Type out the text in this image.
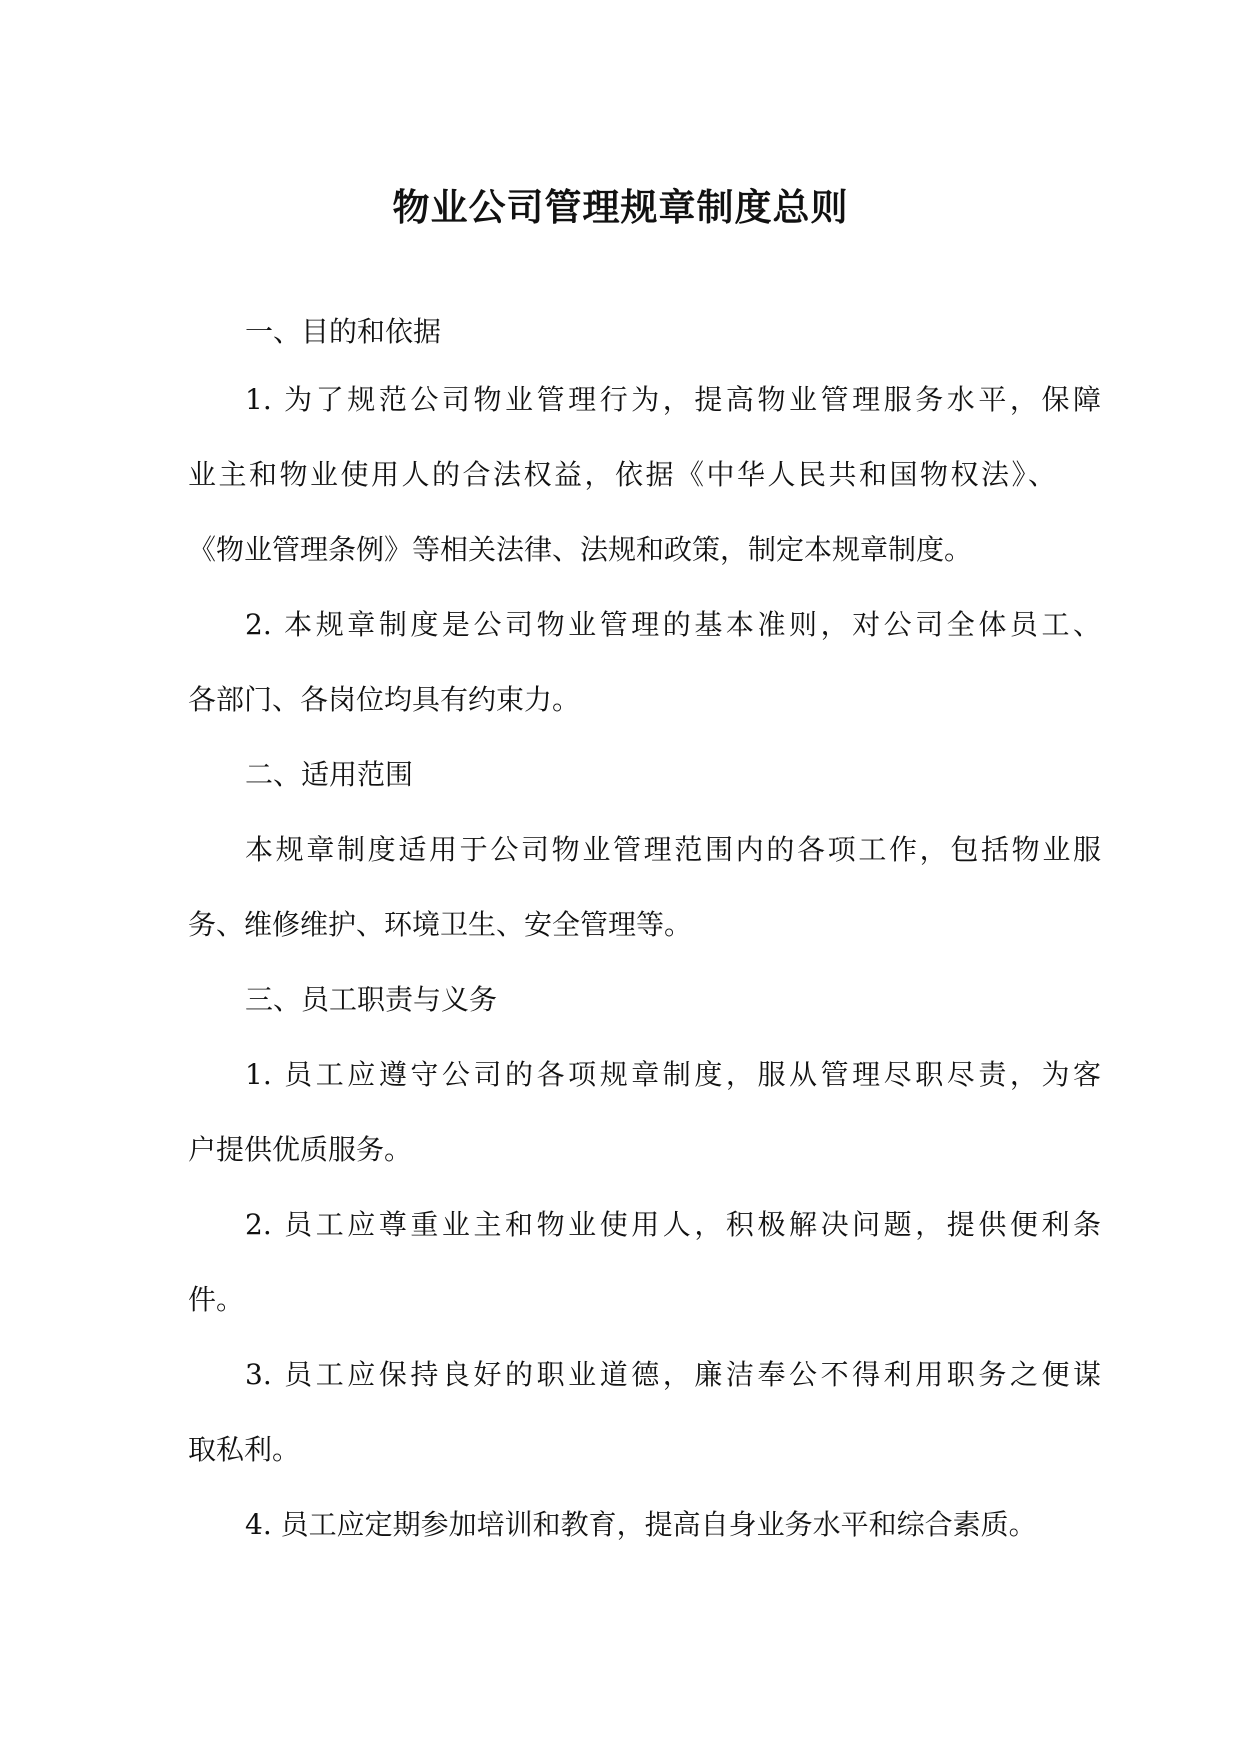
物业公司管理规章制度总则
一、目的和依据
1. 为了规范公司物业管理行为，提高物业管理服务水平，保障
业主和物业使用人的合法权益，依据《中华人民共和国物权法》、
《物业管理条例》等相关法律、法规和政策，制定本规章制度。
2. 本规章制度是公司物业管理的基本准则，对公司全体员工、
各部门、各岗位均具有约束力。
二、适用范围
本规章制度适用于公司物业管理范围内的各项工作，包括物业服
务、维修维护、环境卫生、安全管理等。
三、员工职责与义务
1. 员工应遵守公司的各项规章制度，服从管理尽职尽责，为客
户提供优质服务。
2. 员工应尊重业主和物业使用人，积极解决问题，提供便利条
件。
3. 员工应保持良好的职业道德，廉洁奉公不得利用职务之便谋
取私利。
4. 员工应定期参加培训和教育，提高自身业务水平和综合素质。
